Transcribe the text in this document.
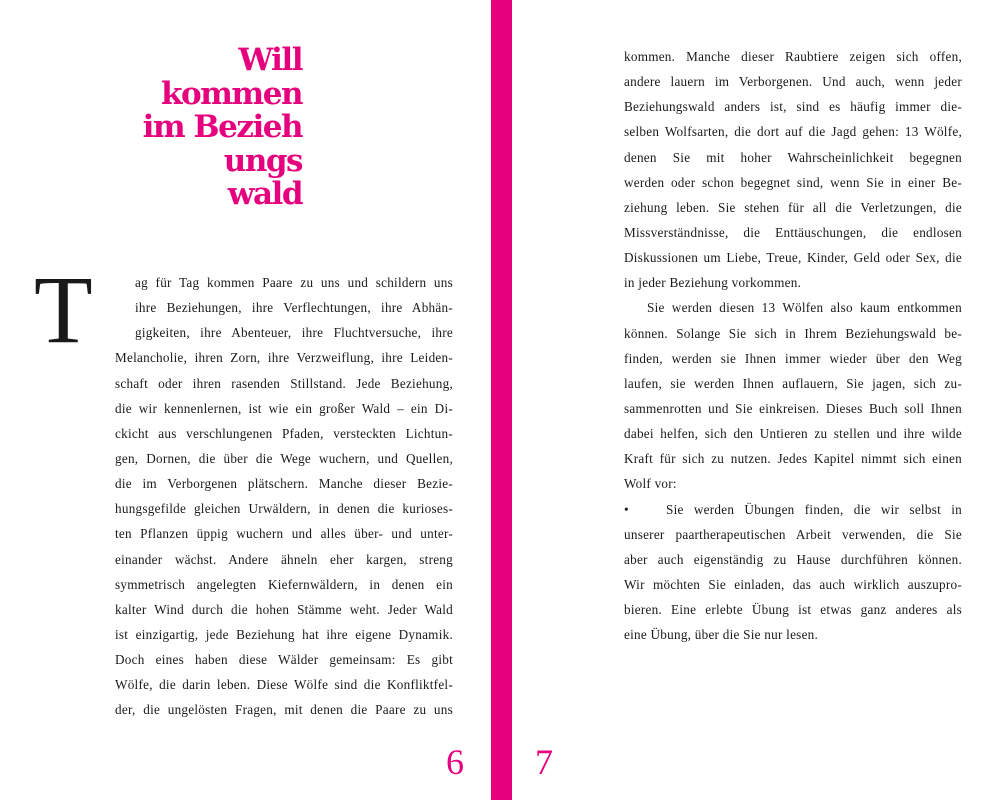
Will
kommen
im Bezieh
ungs
wald
T	ag für Tag kommen Paare zu uns und schildern uns
ihre Beziehungen, ihre Verflechtungen, ihre Abhän-
gigkeiten, ihre Abenteuer, ihre Fluchtversuche, ihre
Melancholie, ihren Zorn, ihre Verzweiflung, ihre Leiden-
schaft oder ihren rasenden Stillstand. Jede Beziehung,
die wir kennenlernen, ist wie ein großer Wald – ein Di-
ckicht aus verschlungenen Pfaden, versteckten Lichtun-
gen, Dornen, die über die Wege wuchern, und Quellen,
die im Verborgenen plätschern. Manche dieser Bezie-
hungsgefilde gleichen Urwäldern, in denen die kurioses-
ten Pflanzen üppig wuchern und alles über- und unter-
einander wächst. Andere ähneln eher kargen, streng
symmetrisch angelegten Kiefernwäldern, in denen ein
kalter Wind durch die hohen Stämme weht. Jeder Wald
ist einzigartig, jede Beziehung hat ihre eigene Dynamik.
Doch eines haben diese Wälder gemeinsam: Es gibt
Wölfe, die darin leben. Diese Wölfe sind die Konfliktfel-
der, die ungelösten Fragen, mit denen die Paare zu uns
6
kommen. Manche dieser Raubtiere zeigen sich offen,
andere lauern im Verborgenen. Und auch, wenn jeder
Beziehungswald anders ist, sind es häufig immer die-
selben Wolfsarten, die dort auf die Jagd gehen: 13 Wölfe,
denen Sie mit hoher Wahrscheinlichkeit begegnen
werden oder schon begegnet sind, wenn Sie in einer Be-
ziehung leben. Sie stehen für all die Verletzungen, die
Missverständnisse, die Enttäuschungen, die endlosen
Diskussionen um Liebe, Treue, Kinder, Geld oder Sex, die
in jeder Beziehung vorkommen.
Sie werden diesen 13 Wölfen also kaum entkommen
können. Solange Sie sich in Ihrem Beziehungswald be-
finden, werden sie Ihnen immer wieder über den Weg
laufen, sie werden Ihnen auflauern, Sie jagen, sich zu-
sammenrotten und Sie einkreisen. Dieses Buch soll Ihnen
dabei helfen, sich den Untieren zu stellen und ihre wilde
Kraft für sich zu nutzen. Jedes Kapitel nimmt sich einen
Wolf vor:
•	Sie werden Übungen finden, die wir selbst in
unserer paartherapeutischen Arbeit verwenden, die Sie
aber auch eigenständig zu Hause durchführen können.
Wir möchten Sie einladen, das auch wirklich auszupro-
bieren. Eine erlebte Übung ist etwas ganz anderes als
eine Übung, über die Sie nur lesen.
7
